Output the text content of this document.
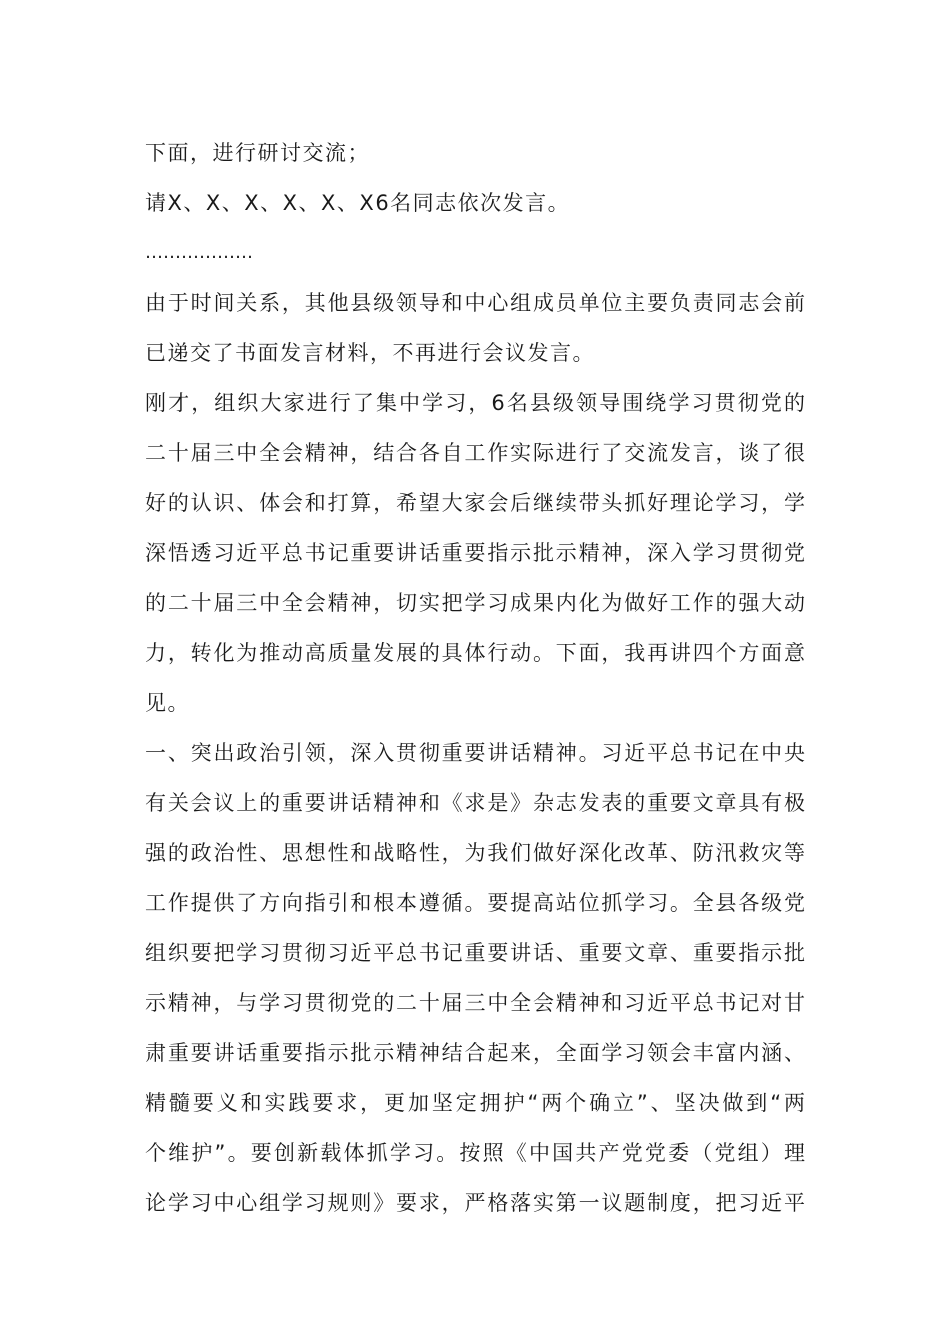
下面，进行研讨交流；
请X、X、X、X、X、X6名同志依次发言。
………………
由于时间关系，其他县级领导和中心组成员单位主要负责同志会前
已递交了书面发言材料，不再进行会议发言。
刚才，组织大家进行了集中学习，6名县级领导围绕学习贯彻党的
二十届三中全会精神，结合各自工作实际进行了交流发言，谈了很
好的认识、体会和打算，希望大家会后继续带头抓好理论学习，学
深悟透习近平总书记重要讲话重要指示批示精神，深入学习贯彻党
的二十届三中全会精神，切实把学习成果内化为做好工作的强大动
力，转化为推动高质量发展的具体行动。下面，我再讲四个方面意
见。
一、突出政治引领，深入贯彻重要讲话精神。习近平总书记在中央
有关会议上的重要讲话精神和《求是》杂志发表的重要文章具有极
强的政治性、思想性和战略性，为我们做好深化改革、防汛救灾等
工作提供了方向指引和根本遵循。要提高站位抓学习。全县各级党
组织要把学习贯彻习近平总书记重要讲话、重要文章、重要指示批
示精神，与学习贯彻党的二十届三中全会精神和习近平总书记对甘
肃重要讲话重要指示批示精神结合起来，全面学习领会丰富内涵、
精髓要义和实践要求，更加坚定拥护“两个确立”、坚决做到“两
个维护”。要创新载体抓学习。按照《中国共产党党委（党组）理
论学习中心组学习规则》要求，严格落实第一议题制度，把习近平
